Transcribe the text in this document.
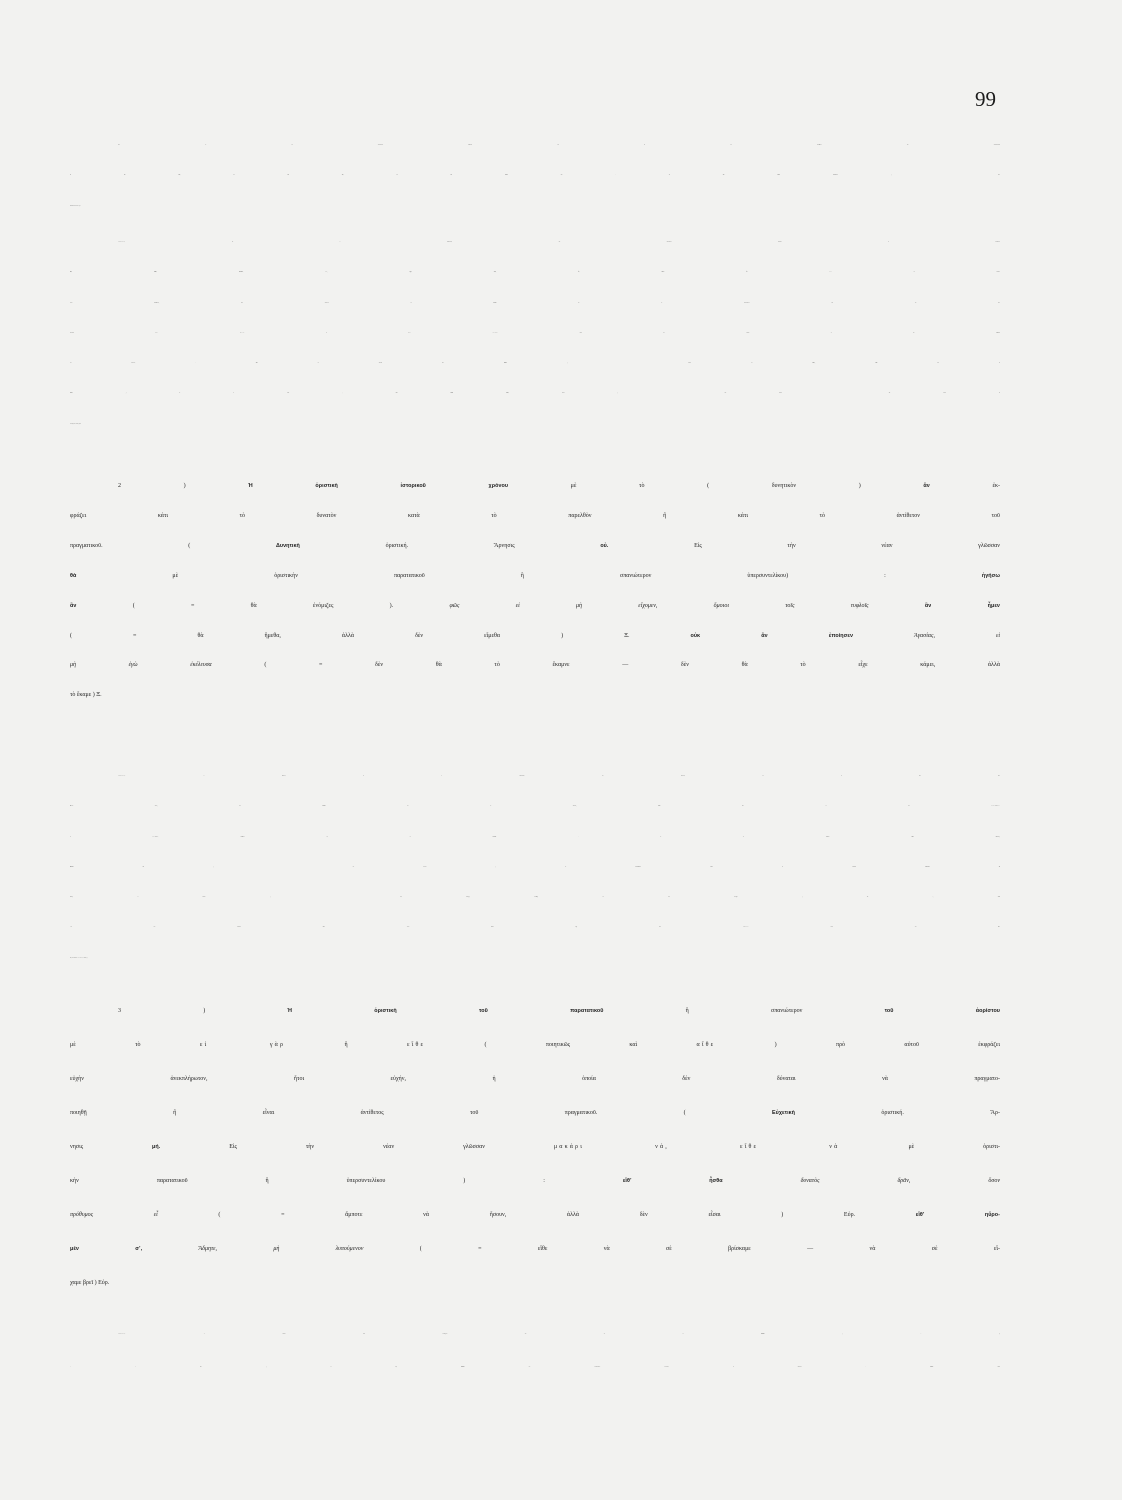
99
Κάτι τὸ μὴ πραγματικὸν δηλοῦται καὶ μὲ τὴν προσθήκην τῶν προσδιορισμῶν
κλπ. :	ἀπολώλαμεν ( = ὅσον
ἐξαρτᾶται ἀπὸ τοῦτον ) Ξ.
Σημείωσις β΄. Ὁ παρατατικὸς τῶν ἀπροσώπων ῥημάτων ἢ ἐκφράσεων
κ.τ.τ.,	κ.τ.τ. μὲ ἀπαρέμ-
φατον λαμβάνεται, ὅταν πρόκειται νὰ δηλωθῇ ὅτι τὸ σημαινόμενον ὑπὸ τοῦ ἀπα-
ρεμφάτου δὲν ἔγινεν ἢ δὲν γίνεται παρὰ τὴν γνώμην ἢ τὴν ἐπιθυμίαν
τοῦ λέγοντος : τὰ ἐνέχυρα τότε	( = ἔπρεπε νὰ λάβῃς, ἀλλὰ δὲν τὰ
ἔλαβες ) Ξ. τί σιγᾷς ;	τέκνον ( = δὲν ἔπρεπε = δὲν πρέπει νὰ
σιωπᾷς, ὅπως σιωπᾷς )Εὐρ.
2 ) Ἡ ὁριστικὴ ἱστορικοῦ χρόνου μὲ τὸ ( δυνητικὸν ) ἂν ἐκ-
φράζει κάτι τὸ δυνατὸν κατὰ τὸ παρελθὸν ἢ κάτι τὸ ἀντίθετον τοῦ
πραγματικοῦ. ( Δυνητικὴ ὁριστική. Ἄρνησις οὐ. Εἰς τὴν νέαν γλῶσσαν
θὰ μὲ ὁριστικὴν παρατατικοῦ ἢ σπανιώτερον ὑπερσυντελίκου) : ἡγήσω
ἂν ( = θὰ ἐνόμιζες ). φῶς εἰ μὴ εἴχομεν, ὅμοιοι τοῖς τυφλοῖς ἂν ἦμεν
( = θὰ ἤμεθα, ἀλλὰ δὲν εἴμεθα ) Ξ. οὐκ ἂν ἐποίησεν Ἀγασίας, εἰ
μὴ ἐγὼ ἐκέλευσα ( = δὲν θὰ τὸ ἔκαμνε — δὲν θὰ τὸ εἶχε κάμει, ἀλλὰ
τὸ ἔκαμε ) Ξ.
Σημείωσις. Ὁ ἀόριστος ἢ ὁ παρατατικὸς τῆς ὁριστικῆς μὲ τὸ λαμ-
βάνεται ἐνίοτε, ἵνα δηλωθῇ ὄχι τὸ δυνατόν, ἀλλὰ κάτι τὸ κατ’ ἐπανάληψιν
ἢ συνήθως συμβαῖνον εἰς τὸ παρελθόν : εἴ τις Κλεάρχῳ ἐδόκει βλακεύειν,
( = τὸν ἐκτύπα ) Ξ. ἀναλαμβάνων αὐτῶν τὰ ποιήματα
αὐτούς, τί λέγοιεν ( = τοὺς ἐξήταζα, συνήθιζα νὰ τοὺς ἐξετάζω ) Πλ. ( πρβλ.
Ἀπὸ τότε γενήκαμε φίλοι· νύχτα ἡμέρα μαζί· θὰ πήγαινε κεῖνος στὴ βάρ-
δια ; κοντὰ καὶ γὼ = ὁσάκις πήγαινε ).
3 ) Ἡ ὁριστικὴ τοῦ παρατατικοῦ ἢ σπανιώτερον τοῦ ἀορίστου
μὲ τὸ εἰ γὰρ ἢ εἴθε ( ποιητικῶς καὶ αἴθε ) πρὸ αὐτοῦ ἐκφράζει
εὐχὴν ἀνεκπλήρωτον, ἤτοι εὐχήν, ἡ ὁποία δὲν δύναται νὰ πραγματο-
ποιηθῇ ἢ εἶναι ἀντίθετος τοῦ πραγματικοῦ. ( Εὐχετικὴ ὁριστική. Ἄρ-
νησις μή. Εἰς τὴν νέαν γλῶσσαν μακάρι νά, εἴθε νὰ μὲ ὁριστι-
κὴν παρατατικοῦ ἢ ὑπερσυντελίκου ) : εἴθ’ ἦσθα δυνατὸς δρᾶν, ὅσον
πρόθυμος εἶ ( = ἄμποτε νὰ ἤσουν, ἀλλὰ δὲν εἶσαι ) Εὐρ. εἴθ’ ηὕρο-
μέν σ’, Ἄδμητε, μὴ λυπούμενον ( = εἴθε νὰ σὲ βρίσκαμε — νὰ σὲ εἴ-
χαμε βρεῖ ) Εὐρ.
Σημείωσις. Ἡ τοιαύτη εὐχὴ ἐκφράζεται καὶ μὲ τὸ	( — ες,
— ε κλπ. ) ἢ	μετ’ ἀπαρεμφάτου ἐνεστῶτος ἢ ἀορίστου :	Κῦρος
